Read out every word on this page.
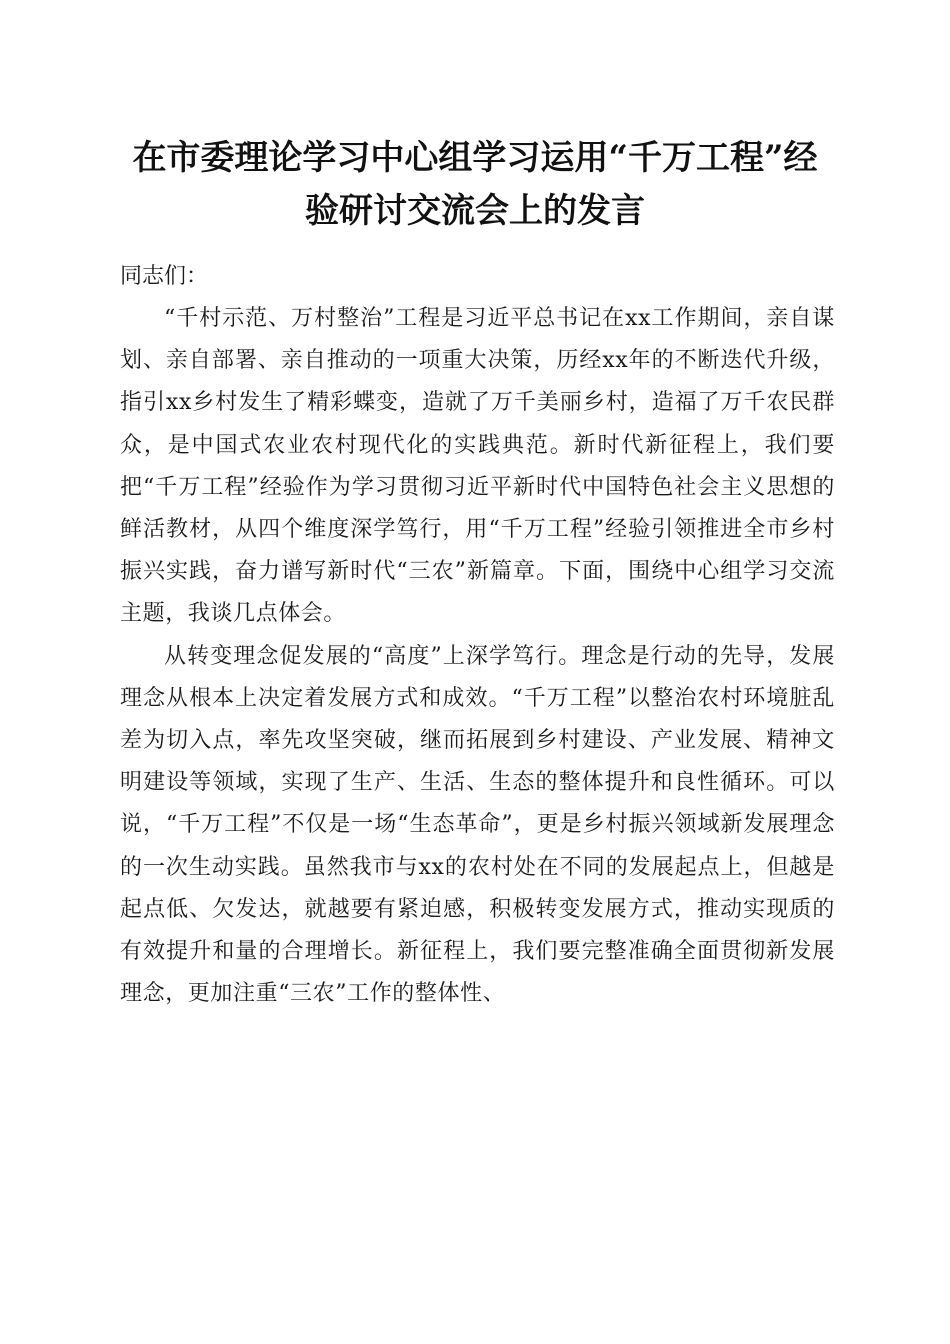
在市委理论学习中心组学习运用“千万工程”经验研讨交流会上的发言

同志们：

“千村示范、万村整治”工程是习近平总书记在xx工作期间，亲自谋划、亲自部署、亲自推动的一项重大决策，历经xx年的不断迭代升级，指引xx乡村发生了精彩蝶变，造就了万千美丽乡村，造福了万千农民群众，是中国式农业农村现代化的实践典范。新时代新征程上，我们要把“千万工程”经验作为学习贯彻习近平新时代中国特色社会主义思想的鲜活教材，从四个维度深学笃行，用“千万工程”经验引领推进全市乡村振兴实践，奋力谱写新时代“三农”新篇章。下面，围绕中心组学习交流主题，我谈几点体会。

从转变理念促发展的“高度”上深学笃行。理念是行动的先导，发展理念从根本上决定着发展方式和成效。“千万工程”以整治农村环境脏乱差为切入点，率先攻坚突破，继而拓展到乡村建设、产业发展、精神文明建设等领域，实现了生产、生活、生态的整体提升和良性循环。可以说，“千万工程”不仅是一场“生态革命”，更是乡村振兴领域新发展理念的一次生动实践。虽然我市与xx的农村处在不同的发展起点上，但越是起点低、欠发达，就越要有紧迫感，积极转变发展方式，推动实现质的有效提升和量的合理增长。新征程上，我们要完整准确全面贯彻新发展理念，更加注重“三农”工作的整体性、
